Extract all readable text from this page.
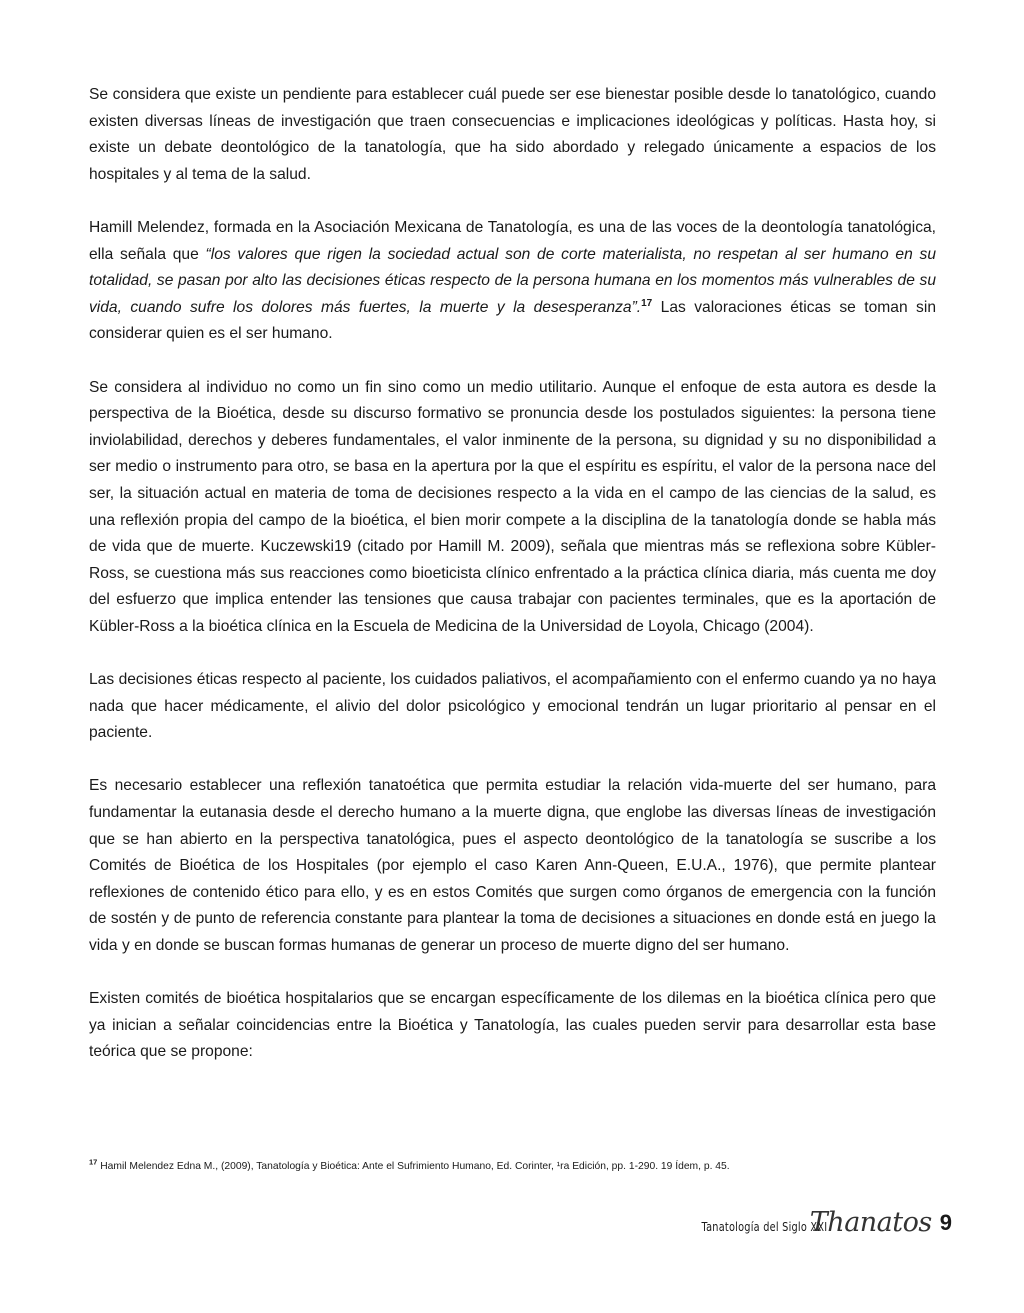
Se considera que existe un pendiente para establecer cuál puede ser ese bienestar posible desde lo tanatológico, cuando existen diversas líneas de investigación que traen consecuencias e implicaciones ideológicas y políticas. Hasta hoy, si existe un debate deontológico de la tanatología, que ha sido abordado y relegado únicamente a espacios de los hospitales y al tema de la salud.

Hamill Melendez, formada en la Asociación Mexicana de Tanatología, es una de las voces de la deontología tanatológica, ella señala que “los valores que rigen la sociedad actual son de corte materialista, no respetan al ser humano en su totalidad, se pasan por alto las decisiones éticas respecto de la persona humana en los momentos más vulnerables de su vida, cuando sufre los dolores más fuertes, la muerte y la desesperanza”.$^{17}$ Las valoraciones éticas se toman sin considerar quien es el ser humano.

Se considera al individuo no como un fin sino como un medio utilitario. Aunque el enfoque de esta autora es desde la perspectiva de la Bioética, desde su discurso formativo se pronuncia desde los postulados siguientes: la persona tiene inviolabilidad, derechos y deberes fundamentales, el valor inminente de la persona, su dignidad y su no disponibilidad a ser medio o instrumento para otro, se basa en la apertura por la que el espíritu es espíritu, el valor de la persona nace del ser, la situación actual en materia de toma de decisiones respecto a la vida en el campo de las ciencias de la salud, es una reflexión propia del campo de la bioética, el bien morir compete a la disciplina de la tanatología donde se habla más de vida que de muerte. Kuczewski19 (citado por Hamill M. 2009), señala que mientras más se reflexiona sobre Kübler-Ross, se cuestiona más sus reacciones como bioeticista clínico enfrentado a la práctica clínica diaria, más cuenta me doy del esfuerzo que implica entender las tensiones que causa trabajar con pacientes terminales, que es la aportación de Kübler-Ross a la bioética clínica en la Escuela de Medicina de la Universidad de Loyola, Chicago (2004).

Las decisiones éticas respecto al paciente, los cuidados paliativos, el acompañamiento con el enfermo cuando ya no haya nada que hacer médicamente, el alivio del dolor psicológico y emocional tendrán un lugar prioritario al pensar en el paciente.

Es necesario establecer una reflexión tanatoética que permita estudiar la relación vida-muerte del ser humano, para fundamentar la eutanasia desde el derecho humano a la muerte digna, que englobe las diversas líneas de investigación que se han abierto en la perspectiva tanatológica, pues el aspecto deontológico de la tanatología se suscribe a los Comités de Bioética de los Hospitales (por ejemplo el caso Karen Ann-Queen, E.U.A., 1976), que permite plantear reflexiones de contenido ético para ello, y es en estos Comités que surgen como órganos de emergencia con la función de sostén y de punto de referencia constante para plantear la toma de decisiones a situaciones en donde está en juego la vida y en donde se buscan formas humanas de generar un proceso de muerte digno del ser humano.

Existen comités de bioética hospitalarios que se encargan específicamente de los dilemas en la bioética clínica pero que ya inician a señalar coincidencias entre la Bioética y Tanatología, las cuales pueden servir para desarrollar esta base teórica que se propone:

$^{17}$ Hamil Melendez Edna M., (2009), Tanatología y Bioética: Ante el Sufrimiento Humano, Ed. Corinter, ¹ra Edición, pp. 1-290. 19 Ídem, p. 45.
Tanatología del Siglo XXI
Thanatos 9
